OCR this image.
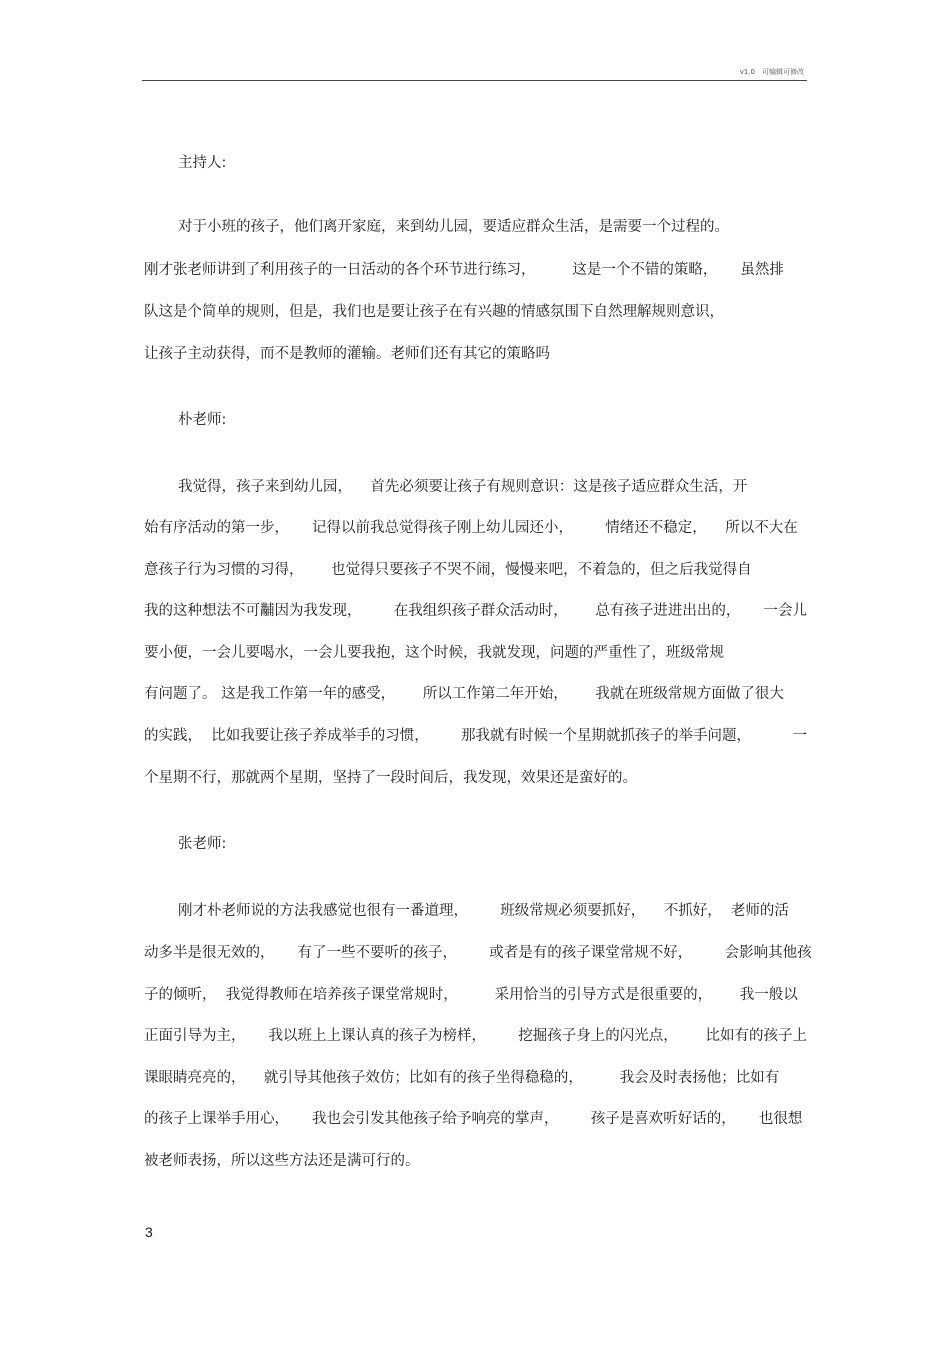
v1.0　可编辑可修改
主持人:
对于小班的孩子，他们离开家庭，来到幼儿园，要适应群众生活，是需要一个过程的。
刚才张老师讲到了利用孩子的一日活动的各个环节进行练习，        这是一个不错的策略，     虽然排
队这是个简单的规则，但是，我们也是要让孩子在有兴趣的情感氛围下自然理解规则意识，
让孩子主动获得，而不是教师的灌输。老师们还有其它的策略吗
朴老师:
我觉得，孩子来到幼儿园，    首先必须要让孩子有规则意识：这是孩子适应群众生活，开
始有序活动的第一步，     记得以前我总觉得孩子刚上幼儿园还小，       情绪还不稳定，    所以不大在
意孩子行为习惯的习得，      也觉得只要孩子不哭不闹，慢慢来吧，不着急的，但之后我觉得自
我的这种想法不可黼因为我发现，       在我组织孩子群众活动时，      总有孩子进进出出的，     一会儿
要小便，一会儿要喝水，一会儿要我抱，这个时候，我就发现，问题的严重性了，班级常规
有问题了。 这是我工作第一年的感受，      所以工作第二年开始，      我就在班级常规方面做了很大
的实践，  比如我要让孩子养成举手的习惯，       那我就有时候一个星期就抓孩子的举手问题，         一
个星期不行，那就两个星期，坚持了一段时间后，我发现，效果还是蛮好的。
张老师:
刚才朴老师说的方法我感觉也很有一番道理，       班级常规必须要抓好，    不抓好，  老师的活
动多半是很无效的，     有了一些不要听的孩子，       或者是有的孩子课堂常规不好，       会影响其他孩
子的倾听，  我觉得教师在培养孩子课堂常规时，        采用恰当的引导方式是很重要的，      我一般以
正面引导为主，     我以班上上课认真的孩子为榜样，       挖掘孩子身上的闪光点，      比如有的孩子上
课眼睛亮亮的，    就引导其他孩子效仿；比如有的孩子坐得稳稳的，        我会及时表扬他；比如有
的孩子上课举手用心，     我也会引发其他孩子给予响亮的掌声，       孩子是喜欢听好话的，     也很想
被老师表扬，所以这些方法还是满可行的。
3
